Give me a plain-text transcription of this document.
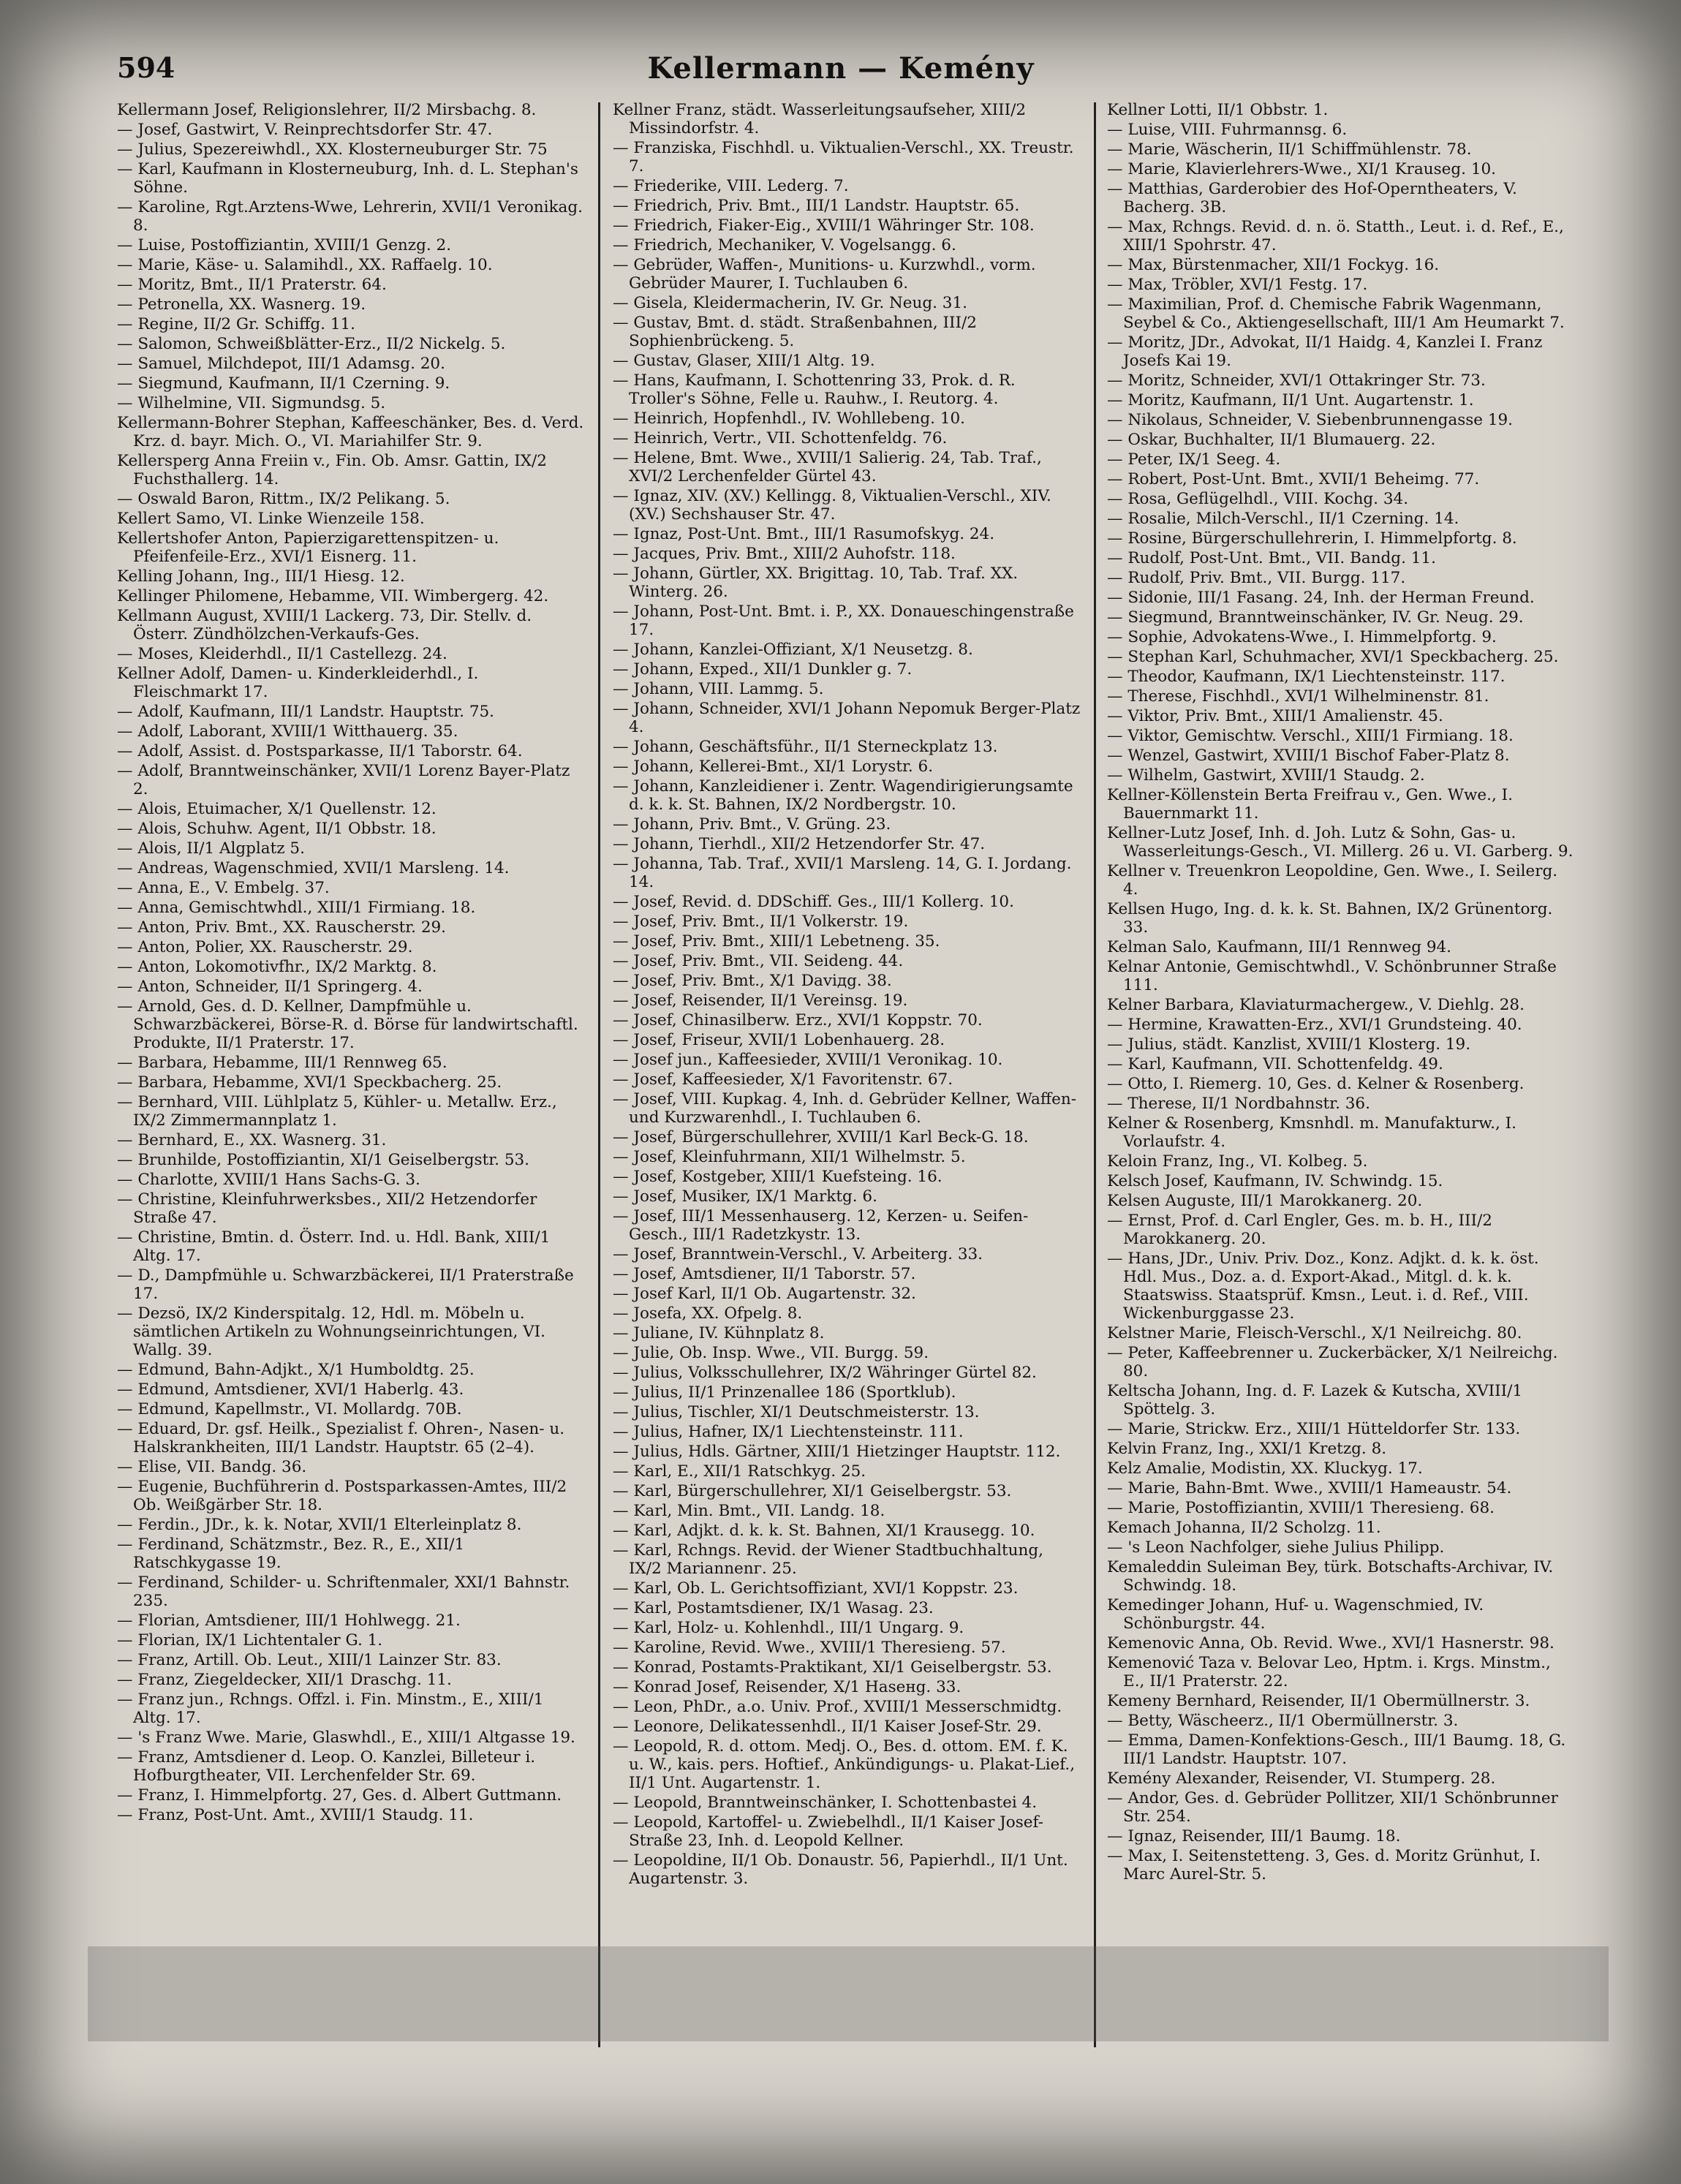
594	Kellermann — Kemény
Kellermann Josef, Religionslehrer, II/2 Mirsbachg. 8.
— Josef, Gastwirt, V. Reinprechtsdorfer Str. 47.
— Julius, Spezereiwhdl., XX. Klosterneuburger Str. 75
— Karl, Kaufmann in Klosterneuburg, Inh. d. L. Stephan's Söhne.
— Karoline, Rgt.Arztens-Wwe, Lehrerin, XVII/1 Veronikag. 8.
— Luise, Postoffiziantin, XVIII/1 Genzg. 2.
— Marie, Käse- u. Salamihdl., XX. Raffaelg. 10.
— Moritz, Bmt., II/1 Praterstr. 64.
— Petronella, XX. Wasnerg. 19.
— Regine, II/2 Gr. Schiffg. 11.
— Salomon, Schweißblätter-Erz., II/2 Nickelg. 5.
— Samuel, Milchdepot, III/1 Adamsg. 20.
— Siegmund, Kaufmann, II/1 Czerning. 9.
— Wilhelmine, VII. Sigmundsg. 5.
Kellermann-Bohrer Stephan, Kaffeeschänker, Bes. d. Verd. Krz. d. bayr. Mich. O., VI. Mariahilfer Str. 9.
Kellersperg Anna Freiin v., Fin. Ob. Amsr. Gattin, IX/2 Fuchsthallerg. 14.
— Oswald Baron, Rittm., IX/2 Pelikang. 5.
Kellert Samo, VI. Linke Wienzeile 158.
Kellertshofer Anton, Papierzigarettenspitzen- u. Pfeifenfeile-Erz., XVI/1 Eisnerg. 11.
Kelling Johann, Ing., III/1 Hiesg. 12.
Kellinger Philomene, Hebamme, VII. Wimbergerg. 42.
Kellmann August, XVIII/1 Lackerg. 73, Dir. Stellv. d. Österr. Zündhölzchen-Verkaufs-Ges.
— Moses, Kleiderhdl., II/1 Castellezg. 24.
Kellner Adolf, Damen- u. Kinderkleiderhdl., I. Fleischmarkt 17.
— Adolf, Kaufmann, III/1 Landstr. Hauptstr. 75.
— Adolf, Laborant, XVIII/1 Witthauerg. 35.
— Adolf, Assist. d. Postsparkasse, II/1 Taborstr. 64.
— Adolf, Branntweinschänker, XVII/1 Lorenz Bayer-Platz 2.
— Alois, Etuimacher, X/1 Quellenstr. 12.
— Alois, Schuhw. Agent, II/1 Obbstr. 18.
— Alois, II/1 Algplatz 5.
— Andreas, Wagenschmied, XVII/1 Marsleng. 14.
— Anna, E., V. Embelg. 37.
— Anna, Gemischtwhdl., XIII/1 Firmiang. 18.
— Anton, Priv. Bmt., XX. Rauscherstr. 29.
— Anton, Polier, XX. Rauscherstr. 29.
— Anton, Lokomotivfhr., IX/2 Marktg. 8.
— Anton, Schneider, II/1 Springerg. 4.
— Arnold, Ges. d. D. Kellner, Dampfmühle u. Schwarzbäckerei, Börse-R. d. Börse für landwirtschaftl. Produkte, II/1 Praterstr. 17.
— Barbara, Hebamme, III/1 Rennweg 65.
— Barbara, Hebamme, XVI/1 Speckbacherg. 25.
— Bernhard, VIII. Lühlplatz 5, Kühler- u. Metallw. Erz., IX/2 Zimmermannplatz 1.
— Bernhard, E., XX. Wasnerg. 31.
— Brunhilde, Postoffiziantin, XI/1 Geiselbergstr. 53.
— Charlotte, XVIII/1 Hans Sachs-G. 3.
— Christine, Kleinfuhrwerksbes., XII/2 Hetzendorfer Straße 47.
— Christine, Bmtin. d. Österr. Ind. u. Hdl. Bank, XIII/1 Altg. 17.
— D., Dampfmühle u. Schwarzbäckerei, II/1 Praterstraße 17.
— Dezsö, IX/2 Kinderspitalg. 12, Hdl. m. Möbeln u. sämtlichen Artikeln zu Wohnungseinrichtungen, VI. Wallg. 39.
— Edmund, Bahn-Adjkt., X/1 Humboldtg. 25.
— Edmund, Amtsdiener, XVI/1 Haberlg. 43.
— Edmund, Kapellmstr., VI. Mollardg. 70B.
— Eduard, Dr. gsf. Heilk., Spezialist f. Ohren-, Nasen- u. Halskrankheiten, III/1 Landstr. Hauptstr. 65 (2–4).
— Elise, VII. Bandg. 36.
— Eugenie, Buchführerin d. Postsparkassen-Amtes, III/2 Ob. Weißgärber Str. 18.
— Ferdin., JDr., k. k. Notar, XVII/1 Elterleinplatz 8.
— Ferdinand, Schätzmstr., Bez. R., E., XII/1 Ratschkygasse 19.
— Ferdinand, Schilder- u. Schriftenmaler, XXI/1 Bahnstr. 235.
— Florian, Amtsdiener, III/1 Hohlwegg. 21.
— Florian, IX/1 Lichtentaler G. 1.
— Franz, Artill. Ob. Leut., XIII/1 Lainzer Str. 83.
— Franz, Ziegeldecker, XII/1 Draschg. 11.
— Franz jun., Rchngs. Offzl. i. Fin. Minstm., E., XIII/1 Altg. 17.
— 's Franz Wwe. Marie, Glaswhdl., E., XIII/1 Altgasse 19.
— Franz, Amtsdiener d. Leop. O. Kanzlei, Billeteur i. Hofburgtheater, VII. Lerchenfelder Str. 69.
— Franz, I. Himmelpfortg. 27, Ges. d. Albert Guttmann.
— Franz, Post-Unt. Amt., XVIII/1 Staudg. 11.
Kellner Franz, städt. Wasserleitungsaufseher, XIII/2 Missindorfstr. 4.
— Franziska, Fischhdl. u. Viktualien-Verschl., XX. Treustr. 7.
— Friederike, VIII. Lederg. 7.
— Friedrich, Priv. Bmt., III/1 Landstr. Hauptstr. 65.
— Friedrich, Fiaker-Eig., XVIII/1 Währinger Str. 108.
— Friedrich, Mechaniker, V. Vogelsangg. 6.
— Gebrüder, Waffen-, Munitions- u. Kurzwhdl., vorm. Gebrüder Maurer, I. Tuchlauben 6.
— Gisela, Kleidermacherin, IV. Gr. Neug. 31.
— Gustav, Bmt. d. städt. Straßenbahnen, III/2 Sophienbrückeng. 5.
— Gustav, Glaser, XIII/1 Altg. 19.
— Hans, Kaufmann, I. Schottenring 33, Prok. d. R. Troller's Söhne, Felle u. Rauhw., I. Reutorg. 4.
— Heinrich, Hopfenhdl., IV. Wohllebeng. 10.
— Heinrich, Vertr., VII. Schottenfeldg. 76.
— Helene, Bmt. Wwe., XVIII/1 Salierig. 24, Tab. Traf., XVI/2 Lerchenfelder Gürtel 43.
— Ignaz, XIV. (XV.) Kellingg. 8, Viktualien-Verschl., XIV. (XV.) Sechshauser Str. 47.
— Ignaz, Post-Unt. Bmt., III/1 Rasumofskyg. 24.
— Jacques, Priv. Bmt., XIII/2 Auhofstr. 118.
— Johann, Gürtler, XX. Brigittag. 10, Tab. Traf. XX. Winterg. 26.
— Johann, Post-Unt. Bmt. i. P., XX. Donaueschingenstraße 17.
— Johann, Kanzlei-Offiziant, X/1 Neusetzg. 8.
— Johann, Exped., XII/1 Dunkler g. 7.
— Johann, VIII. Lammg. 5.
— Johann, Schneider, XVI/1 Johann Nepomuk Berger-Platz 4.
— Johann, Geschäftsführ., II/1 Sterneckplatz 13.
— Johann, Kellerei-Bmt., XI/1 Lorystr. 6.
— Johann, Kanzleidiener i. Zentr. Wagendirigierungsamte d. k. k. St. Bahnen, IX/2 Nordbergstr. 10.
— Johann, Priv. Bmt., V. Grüng. 23.
— Johann, Tierhdl., XII/2 Hetzendorfer Str. 47.
— Johanna, Tab. Traf., XVII/1 Marsleng. 14, G. I. Jordang. 14.
— Josef, Revid. d. DDSchiff. Ges., III/1 Kollerg. 10.
— Josef, Priv. Bmt., II/1 Volkerstr. 19.
— Josef, Priv. Bmt., XIII/1 Lebetneng. 35.
— Josef, Priv. Bmt., VII. Seideng. 44.
— Josef, Priv. Bmt., X/1 Daviдg. 38.
— Josef, Reisender, II/1 Vereinsg. 19.
— Josef, Chinasilberw. Erz., XVI/1 Koppstr. 70.
— Josef, Friseur, XVII/1 Lobenhauerg. 28.
— Josef jun., Kaffeesieder, XVIII/1 Veronikag. 10.
— Josef, Kaffeesieder, X/1 Favoritenstr. 67.
— Josef, VIII. Kupkag. 4, Inh. d. Gebrüder Kellner, Waffen- und Kurzwarenhdl., I. Tuchlauben 6.
— Josef, Bürgerschullehrer, XVIII/1 Karl Beck-G. 18.
— Josef, Kleinfuhrmann, XII/1 Wilhelmstr. 5.
— Josef, Kostgeber, XIII/1 Kuefsteing. 16.
— Josef, Musiker, IX/1 Marktg. 6.
— Josef, III/1 Messenhauserg. 12, Kerzen- u. Seifen-Gesch., III/1 Radetzkystr. 13.
— Josef, Branntwein-Verschl., V. Arbeiterg. 33.
— Josef, Amtsdiener, II/1 Taborstr. 57.
— Josef Karl, II/1 Ob. Augartenstr. 32.
— Josefa, XX. Ofpelg. 8.
— Juliane, IV. Kühnplatz 8.
— Julie, Ob. Insp. Wwe., VII. Burgg. 59.
— Julius, Volksschullehrer, IX/2 Währinger Gürtel 82.
— Julius, II/1 Prinzenallee 186 (Sportklub).
— Julius, Tischler, XI/1 Deutschmeisterstr. 13.
— Julius, Hafner, IX/1 Liechtensteinstr. 111.
— Julius, Hdls. Gärtner, XIII/1 Hietzinger Hauptstr. 112.
— Karl, E., XII/1 Ratschkyg. 25.
— Karl, Bürgerschullehrer, XI/1 Geiselbergstr. 53.
— Karl, Min. Bmt., VII. Landg. 18.
— Karl, Adjkt. d. k. k. St. Bahnen, XI/1 Krausegg. 10.
— Karl, Rchngs. Revid. der Wiener Stadtbuchhaltung, IX/2 Mariannenг. 25.
— Karl, Ob. L. Gerichtsoffiziant, XVI/1 Koppstr. 23.
— Karl, Postamtsdiener, IX/1 Wasag. 23.
— Karl, Holz- u. Kohlenhdl., III/1 Ungarg. 9.
— Karoline, Revid. Wwe., XVIII/1 Theresieng. 57.
— Konrad, Postamts-Praktikant, XI/1 Geiselbergstr. 53.
— Konrad Josef, Reisender, X/1 Hasенg. 33.
— Leon, PhDr., a.o. Univ. Prof., XVIII/1 Messerschmidtg.
— Leonore, Delikatessenhdl., II/1 Kaiser Josef-Str. 29.
— Leopold, R. d. ottom. Medj. O., Bes. d. ottom. EM. f. K. u. W., kais. pers. Hoftief., Ankündigungs- u. Plakat-Lief., II/1 Unt. Augartenstr. 1.
— Leopold, Branntweinschänker, I. Schottenbastei 4.
— Leopold, Kartoffel- u. Zwiebelhdl., II/1 Kaiser Josef-Straße 23, Inh. d. Leopold Kellner.
— Leopoldine, II/1 Ob. Donaustr. 56, Papierhdl., II/1 Unt. Augartenstr. 3.
Kellner Lotti, II/1 Obbstr. 1.
— Luise, VIII. Fuhrmannsg. 6.
— Marie, Wäscherin, II/1 Schiffmühlenstr. 78.
— Marie, Klavierlehrers-Wwe., XI/1 Krauseg. 10.
— Matthias, Garderobier des Hof-Operntheaters, V. Bacherg. 3B.
— Max, Rchngs. Revid. d. n. ö. Statth., Leut. i. d. Ref., E., XIII/1 Spohrstr. 47.
— Max, Bürstenmacher, XII/1 Fockyg. 16.
— Max, Tröbler, XVI/1 Festg. 17.
— Maximilian, Prof. d. Chemische Fabrik Wagenmann, Seybel & Co., Aktiengesellschaft, III/1 Am Heumarkt 7.
— Moritz, JDr., Advokat, II/1 Haidg. 4, Kanzlei I. Franz Josefs Kai 19.
— Moritz, Schneider, XVI/1 Ottakringer Str. 73.
— Moritz, Kaufmann, II/1 Unt. Augartenstr. 1.
— Nikolaus, Schneider, V. Siebenbrunnengasse 19.
— Oskar, Buchhalter, II/1 Blumauerg. 22.
— Peter, IX/1 Seeg. 4.
— Robert, Post-Unt. Bmt., XVII/1 Beheimg. 77.
— Rosa, Geflügelhdl., VIII. Kochg. 34.
— Rosalie, Milch-Verschl., II/1 Czerning. 14.
— Rosine, Bürgerschullehrerin, I. Himmelpfortg. 8.
— Rudolf, Post-Unt. Bmt., VII. Bandg. 11.
— Rudolf, Priv. Bmt., VII. Burgg. 117.
— Sidonie, III/1 Fasang. 24, Inh. der Herman Freund.
— Siegmund, Branntweinschänker, IV. Gr. Neug. 29.
— Sophie, Advokatens-Wwe., I. Himmelpfortg. 9.
— Stephan Karl, Schuhmacher, XVI/1 Speckbacherg. 25.
— Theodor, Kaufmann, IX/1 Liechtensteinstr. 117.
— Therese, Fischhdl., XVI/1 Wilhelminenstr. 81.
— Viktor, Priv. Bmt., XIII/1 Amalienstr. 45.
— Viktor, Gemischtw. Verschl., XIII/1 Firmiang. 18.
— Wenzel, Gastwirt, XVIII/1 Bischof Faber-Platz 8.
— Wilhelm, Gastwirt, XVIII/1 Staudg. 2.
Kellner-Köllenstein Berta Freifrau v., Gen. Wwe., I. Bauernmarkt 11.
Kellner-Lutz Josef, Inh. d. Joh. Lutz & Sohn, Gas- u. Wasserleitungs-Gesch., VI. Millerg. 26 u. VI. Garberg. 9.
Kellner v. Treuenkron Leopoldine, Gen. Wwe., I. Seilerg. 4.
Kellsen Hugo, Ing. d. k. k. St. Bahnen, IX/2 Grünentorg. 33.
Kelman Salo, Kaufmann, III/1 Rennweg 94.
Kelnar Antonie, Gemischtwhdl., V. Schönbrunner Straße 111.
Kelner Barbara, Klaviaturmachergew., V. Diehlg. 28.
— Hermine, Krawatten-Erz., XVI/1 Grundsteing. 40.
— Julius, städt. Kanzlist, XVIII/1 Klosterg. 19.
— Karl, Kaufmann, VII. Schottenfeldg. 49.
— Otto, I. Riemerg. 10, Ges. d. Kelner & Rosenberg.
— Therese, II/1 Nordbahnstr. 36.
Kelner & Rosenberg, Kmsnhdl. m. Manufakturw., I. Vorlaufstr. 4.
Keloin Franz, Ing., VI. Kolbeg. 5.
Kelsch Josef, Kaufmann, IV. Schwindg. 15.
Kelsen Auguste, III/1 Marokkanerg. 20.
— Ernst, Prof. d. Carl Engler, Ges. m. b. H., III/2 Marokkanerg. 20.
— Hans, JDr., Univ. Priv. Doz., Konz. Adjkt. d. k. k. öst. Hdl. Mus., Doz. a. d. Export-Akad., Mitgl. d. k. k. Staatswiss. Staatsprüf. Kmsn., Leut. i. d. Ref., VIII. Wickenburggasse 23.
Kelstner Marie, Fleisch-Verschl., X/1 Neilreichg. 80.
— Peter, Kaffeebrenner u. Zuckerbäcker, X/1 Neilreichg. 80.
Keltscha Johann, Ing. d. F. Lazek & Kutscha, XVIII/1 Spöttelg. 3.
— Marie, Strickw. Erz., XIII/1 Hütteldorfer Str. 133.
Kelvin Franz, Ing., XXI/1 Kretzg. 8.
Kelz Amalie, Modistin, XX. Kluckyg. 17.
— Marie, Bahn-Bmt. Wwe., XVIII/1 Hameaustr. 54.
— Marie, Postoffiziantin, XVIII/1 Theresieng. 68.
Kemach Johanna, II/2 Scholzg. 11.
— 's Leon Nachfolger, siehe Julius Philipp.
Kemaleddin Suleiman Bey, türk. Botschafts-Archivar, IV. Schwindg. 18.
Kemedinger Johann, Huf- u. Wagenschmied, IV. Schönburgstr. 44.
Kemenovic Anna, Ob. Revid. Wwe., XVI/1 Hasnerstr. 98.
Kemenović Taza v. Belovar Leo, Hptm. i. Krgs. Minstm., E., II/1 Praterstr. 22.
Kemeny Bernhard, Reisender, II/1 Obermüllnerstr. 3.
— Betty, Wäscheerz., II/1 Obermüllnerstr. 3.
— Emma, Damen-Konfektions-Gesch., III/1 Baumg. 18, G. III/1 Landstr. Hauptstr. 107.
Kemény Alexander, Reisender, VI. Stumperg. 28.
— Andor, Ges. d. Gebrüder Pollitzer, XII/1 Schönbrunner Str. 254.
— Ignaz, Reisender, III/1 Baumg. 18.
— Max, I. Seitenstetteng. 3, Ges. d. Moritz Grünhut, I. Marc Aurel-Str. 5.
